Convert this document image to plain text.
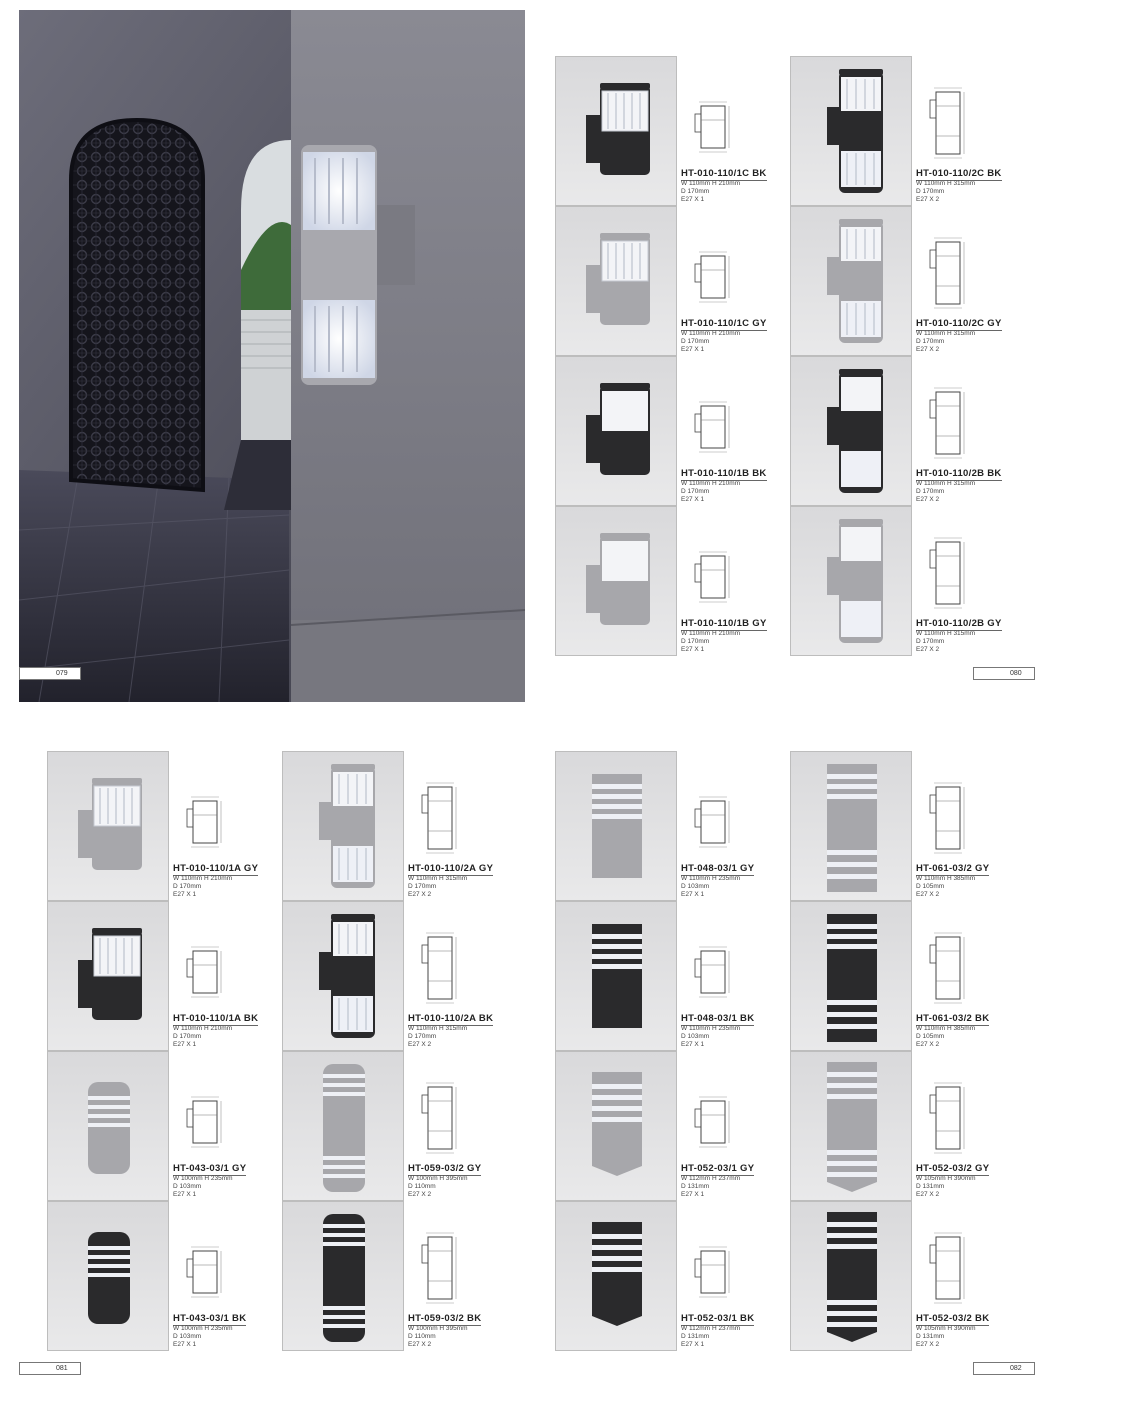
079	080
081	082
HT-010-110/1C BK
W 110mm H 210mm
D 170mm
E27 X 1
HT-010-110/2C BK
W 110mm H 315mm
D 170mm
E27 X 2
HT-010-110/1C GY
W 110mm H 210mm
D 170mm
E27 X 1
HT-010-110/2C GY
W 110mm H 315mm
D 170mm
E27 X 2
HT-010-110/1B BK
W 110mm H 210mm
D 170mm
E27 X 1
HT-010-110/2B BK
W 110mm H 315mm
D 170mm
E27 X 2
HT-010-110/1B GY
W 110mm H 210mm
D 170mm
E27 X 1
HT-010-110/2B GY
W 110mm H 315mm
D 170mm
E27 X 2
HT-010-110/1A GY
W 110mm H 210mm
D 170mm
E27 X 1
HT-010-110/2A GY
W 110mm H 315mm
D 170mm
E27 X 2
HT-010-110/1A BK
W 110mm H 210mm
D 170mm
E27 X 1
HT-010-110/2A BK
W 110mm H 315mm
D 170mm
E27 X 2
HT-043-03/1 GY
W 100mm H 235mm
D 103mm
E27 X 1
HT-059-03/2 GY
W 100mm H 395mm
D 110mm
E27 X 2
HT-043-03/1 BK
W 100mm H 235mm
D 103mm
E27 X 1
HT-059-03/2 BK
W 100mm H 395mm
D 110mm
E27 X 2
HT-048-03/1 GY
W 110mm H 235mm
D 103mm
E27 X 1
HT-061-03/2 GY
W 110mm H 385mm
D 105mm
E27 X 2
HT-048-03/1 BK
W 110mm H 235mm
D 103mm
E27 X 1
HT-061-03/2 BK
W 110mm H 385mm
D 105mm
E27 X 2
HT-052-03/1 GY
W 112mm H 237mm
D 131mm
E27 X 1
HT-052-03/2 GY
W 105mm H 390mm
D 131mm
E27 X 2
HT-052-03/1 BK
W 112mm H 237mm
D 131mm
E27 X 1
HT-052-03/2 BK
W 105mm H 390mm
D 131mm
E27 X 2
